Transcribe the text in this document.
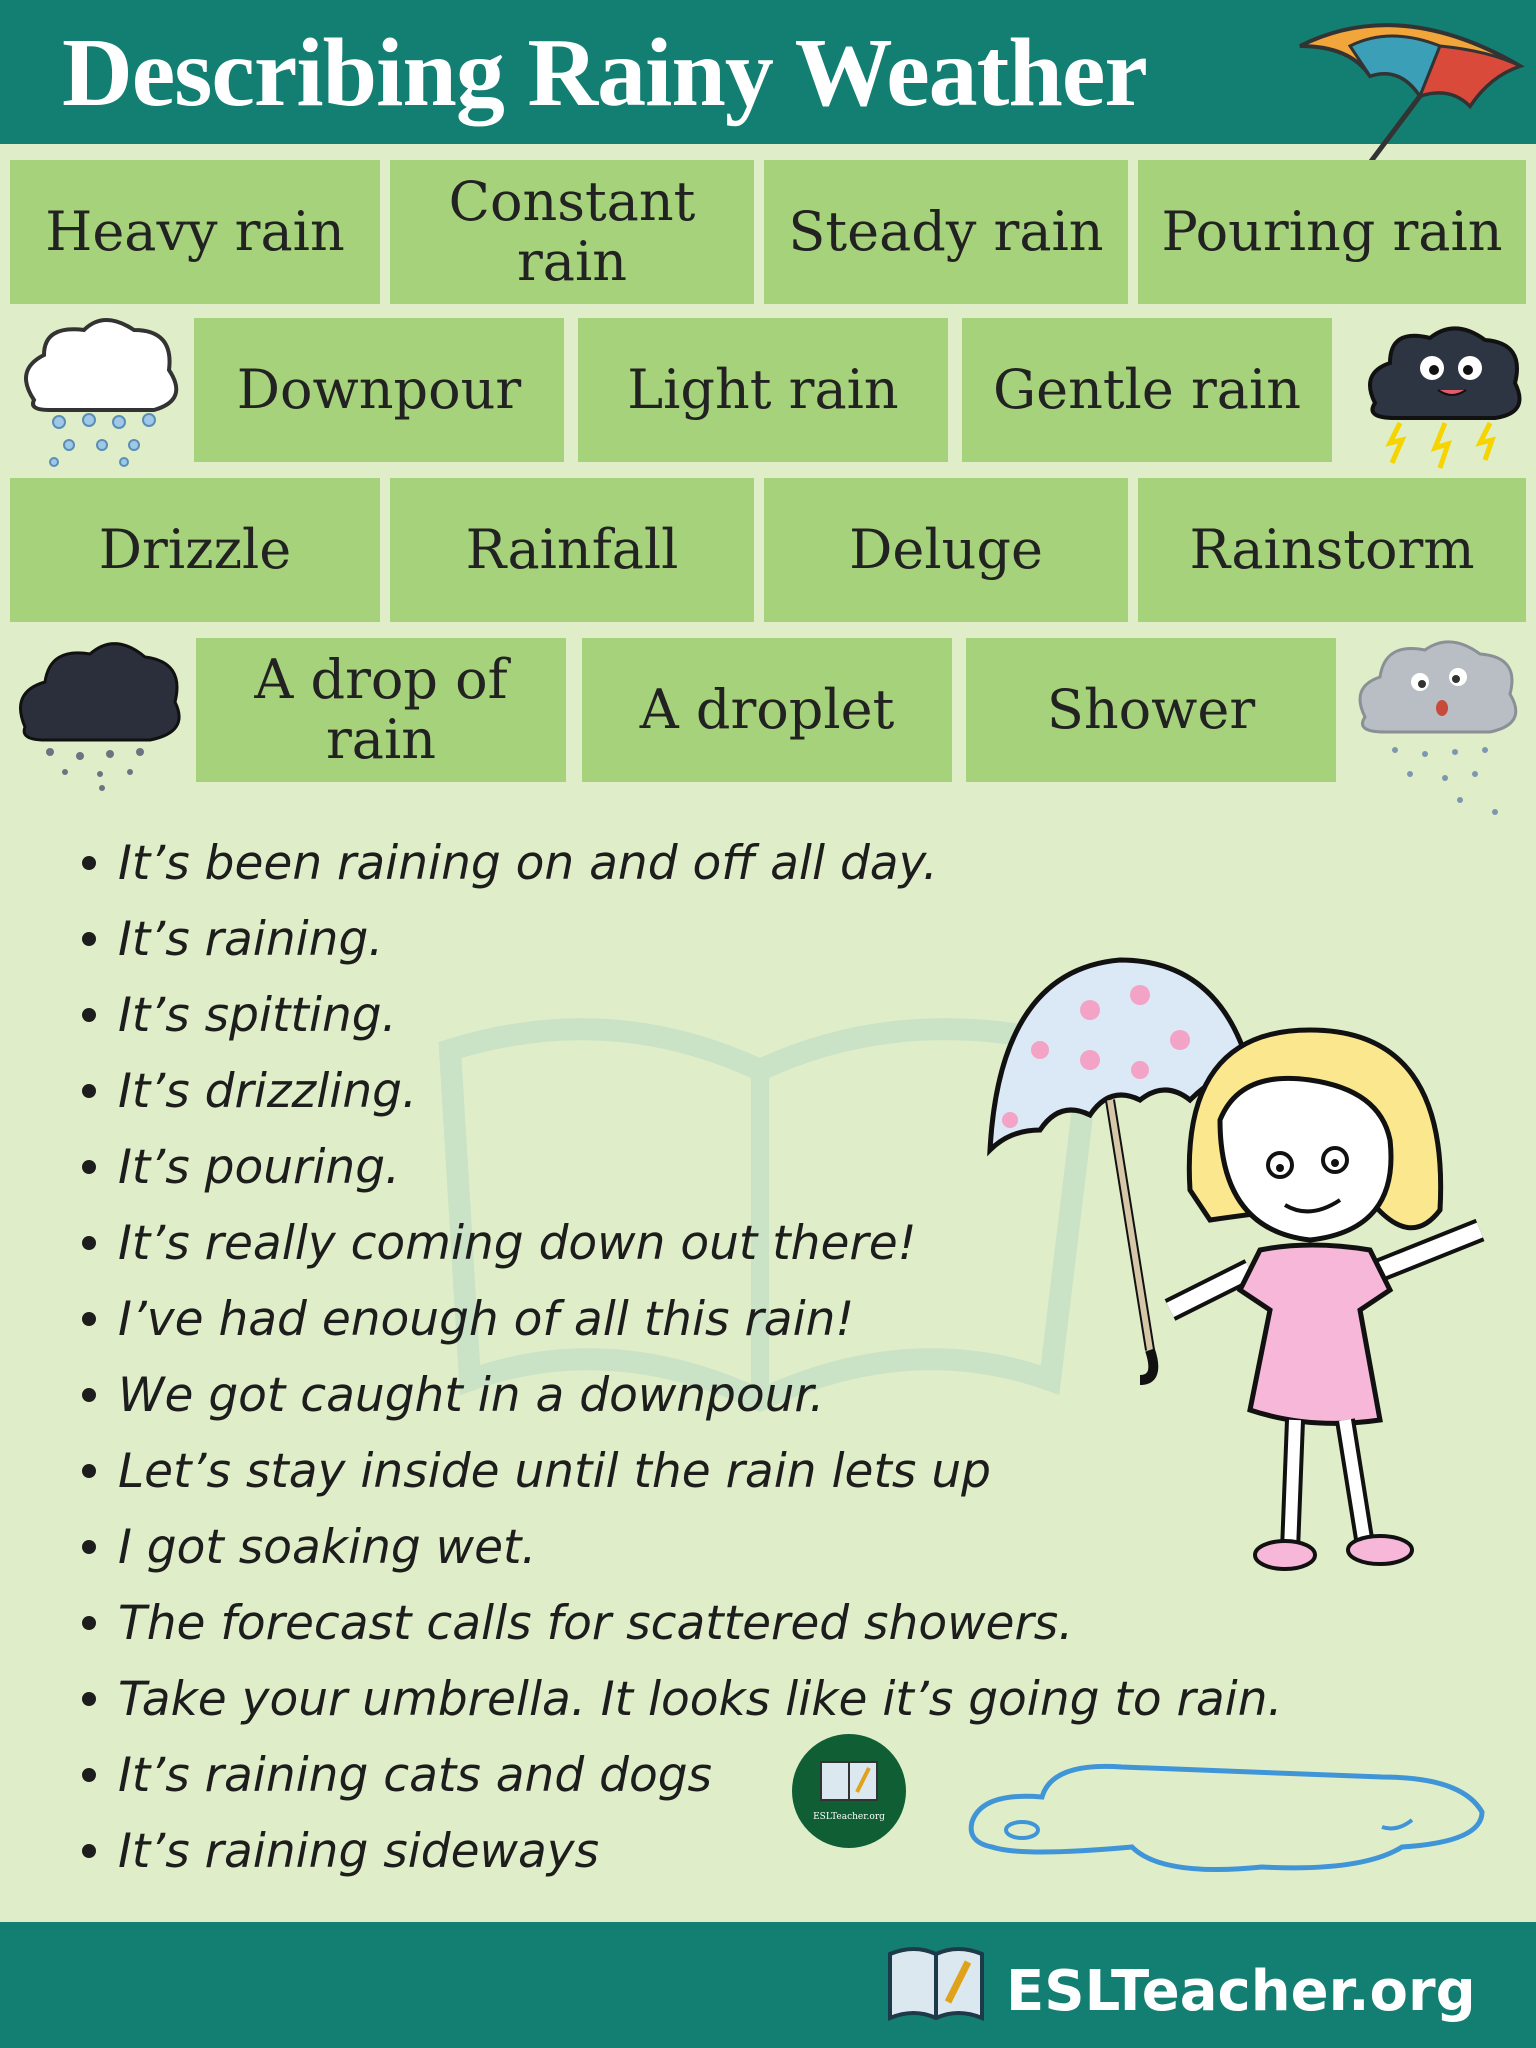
Describing Rainy Weather
Heavy rain	Constant rain	Steady rain	Pouring rain
Downpour	Light rain	Gentle rain
Drizzle	Rainfall	Deluge	Rainstorm
A drop of rain	A droplet	Shower
It’s been raining on and off all day.
It’s raining.
It’s spitting.
It’s drizzling.
It’s pouring.
It’s really coming down out there!
I’ve had enough of all this rain!
We got caught in a downpour.
Let’s stay inside until the rain lets up
I got soaking wet.
The forecast calls for scattered showers.
Take your umbrella. It looks like it’s going to rain.
It’s raining cats and dogs
It’s raining sideways
ESLTeacher.org
ESLTeacher.org
